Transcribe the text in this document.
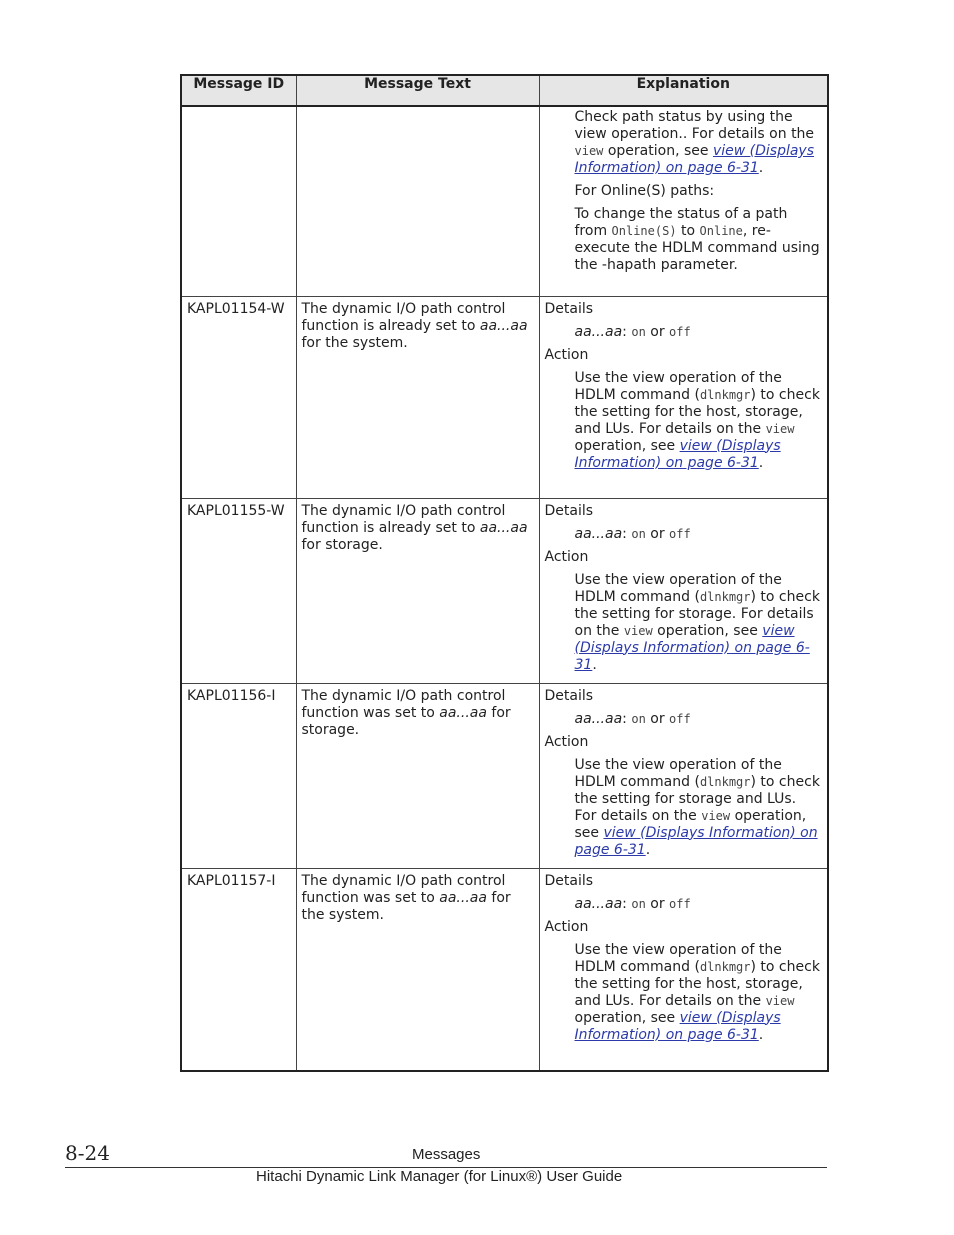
Message ID	Message Text	Explanation

		Check path status by using the view operation.. For details on the view operation, see view (Displays Information) on page 6-31.
For Online(S) paths:
To change the status of a path from Online(S) to Online, re-execute the HDLM command using the -hapath parameter.

KAPL01154-W	The dynamic I/O path control function is already set to aa...aa for the system.	Details
aa...aa: on or off
Action
Use the view operation of the HDLM command (dlnkmgr) to check the setting for the host, storage, and LUs. For details on the view operation, see view (Displays Information) on page 6-31.

KAPL01155-W	The dynamic I/O path control function is already set to aa...aa for storage.	Details
aa...aa: on or off
Action
Use the view operation of the HDLM command (dlnkmgr) to check the setting for storage. For details on the view operation, see view (Displays Information) on page 6-31.

KAPL01156-I	The dynamic I/O path control function was set to aa...aa for storage.	Details
aa...aa: on or off
Action
Use the view operation of the HDLM command (dlnkmgr) to check the setting for storage and LUs. For details on the view operation, see view (Displays Information) on page 6-31.

KAPL01157-I	The dynamic I/O path control function was set to aa...aa for the system.	Details
aa...aa: on or off
Action
Use the view operation of the HDLM command (dlnkmgr) to check the setting for the host, storage, and LUs. For details on the view operation, see view (Displays Information) on page 6-31.
8-24	Messages
Hitachi Dynamic Link Manager (for Linux®) User Guide
